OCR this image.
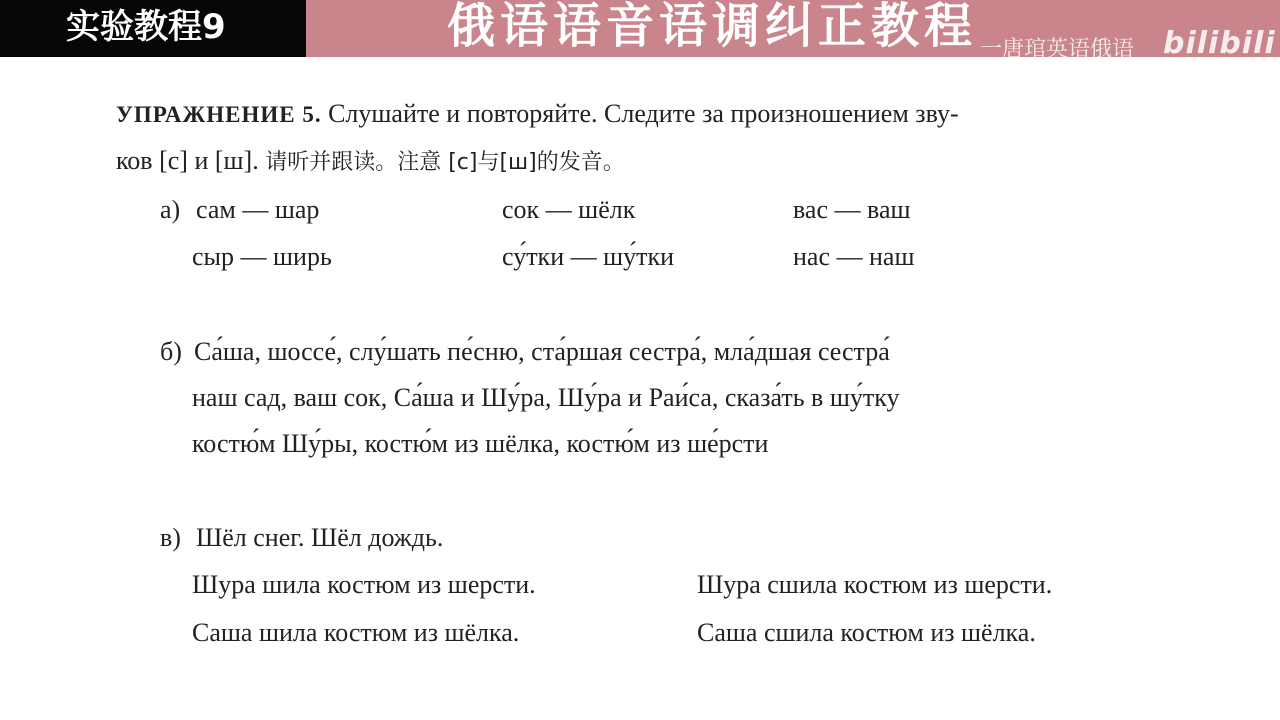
实验教程9	俄语语音语调纠正教程 一唐琯英语俄语 bilibili
УПРАЖНЕНИЕ 5. Слушайте и повторяйте. Следите за произношением зву-
ков [с] и [ш]. 请听并跟读。注意 [с]与[ш]的发音。
а) сам — шар	сок — шёлк	вас — ваш
сыр — ширь	су́тки — шу́тки	нас — наш
б) Са́ша, шоссе́, слу́шать пе́сню, ста́ршая сестра́, мла́дшая сестра́
наш сад, ваш сок, Са́ша и Шу́ра, Шу́ра и Раи́са, сказа́ть в шу́тку
костю́м Шу́ры, костю́м из шёлка, костю́м из ше́рсти
в) Шёл снег. Шёл дождь.
Шура шила костюм из шерсти.	Шура сшила костюм из шерсти.
Саша шила костюм из шёлка.	Саша сшила костюм из шёлка.
